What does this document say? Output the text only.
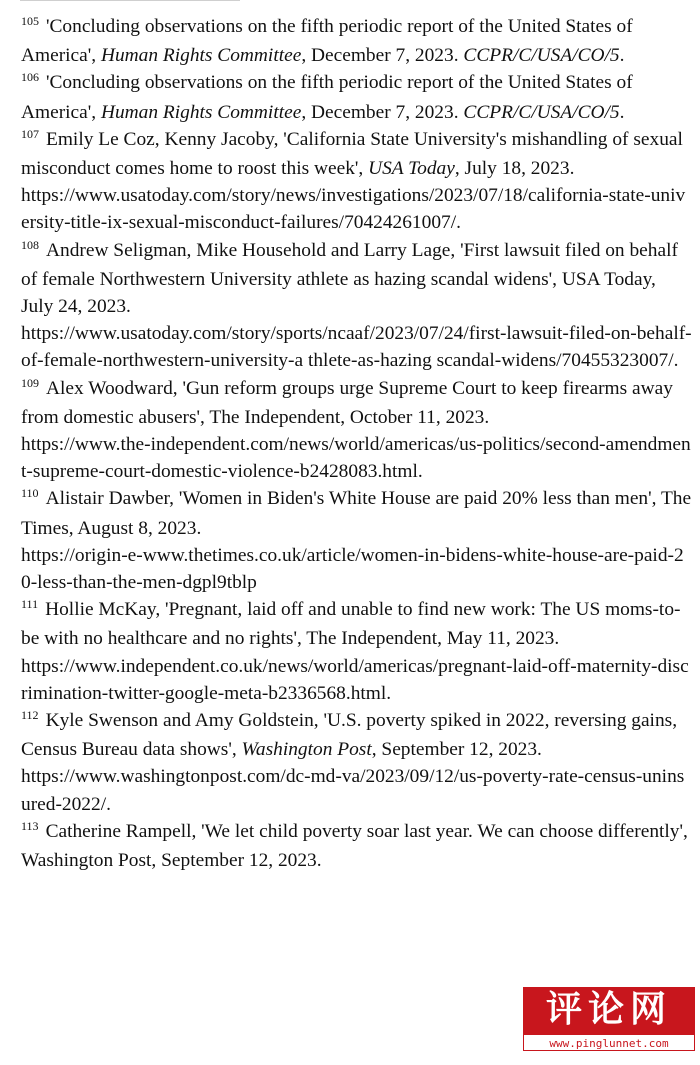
$^{105}$ 'Concluding observations on the fifth periodic report of the United States of America', Human Rights Committee, December 7, 2023. CCPR/C/USA/CO/5.

$^{106}$ 'Concluding observations on the fifth periodic report of the United States of America', Human Rights Committee, December 7, 2023. CCPR/C/USA/CO/5.

$^{107}$ Emily Le Coz, Kenny Jacoby, 'California State University's mishandling of sexual misconduct comes home to roost this week', USA Today, July 18, 2023.
https://www.usatoday.com/story/news/investigations/2023/07/18/california-state-university-title-ix-sexual-misconduct-failures/70424261007/.

$^{108}$ Andrew Seligman, Mike Household and Larry Lage, 'First lawsuit filed on behalf of female Northwestern University athlete as hazing scandal widens', USA Today, July 24, 2023.
https://www.usatoday.com/story/sports/ncaaf/2023/07/24/first-lawsuit-filed-on-behalf-of-female-northwestern-university-a thlete-as-hazing scandal-widens/70455323007/.

$^{109}$ Alex Woodward, 'Gun reform groups urge Supreme Court to keep firearms away from domestic abusers', The Independent, October 11, 2023.
https://www.the-independent.com/news/world/americas/us-politics/second-amendment-supreme-court-domestic-violence-b2428083.html.

$^{110}$ Alistair Dawber, 'Women in Biden's White House are paid 20% less than men', The Times, August 8, 2023.
https://origin-e-www.thetimes.co.uk/article/women-in-bidens-white-house-are-paid-20-less-than-the-men-dgpl9tblp

$^{111}$ Hollie McKay, 'Pregnant, laid off and unable to find new work: The US moms-to-be with no healthcare and no rights', The Independent, May 11, 2023.
https://www.independent.co.uk/news/world/americas/pregnant-laid-off-maternity-discrimination-twitter-google-meta-b2336568.html.

$^{112}$ Kyle Swenson and Amy Goldstein, 'U.S. poverty spiked in 2022, reversing gains, Census Bureau data shows', Washington Post, September 12, 2023.
https://www.washingtonpost.com/dc-md-va/2023/09/12/us-poverty-rate-census-uninsured-2022/.

$^{113}$ Catherine Rampell, 'We let child poverty soar last year. We can choose differently', Washington Post, September 12, 2023.

评论网
www.pinglunnet.com
